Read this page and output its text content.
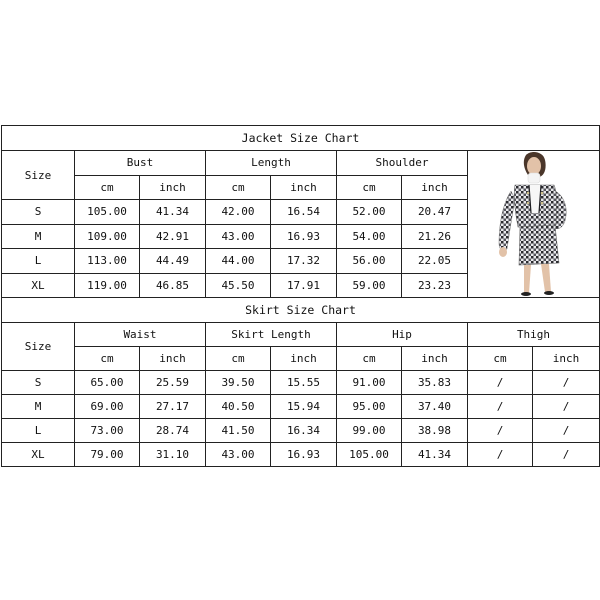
Jacket Size Chart								
Size	Bust		Length		Shoulder	

	cm	inch	cm	inch	cm	inch		
S	105.00	41.34	42.00	16.54	52.00	20.47		
M	109.00	42.91	43.00	16.93	54.00	21.26		
L	113.00	44.49	44.00	17.32	56.00	22.05		
XL	119.00	46.85	45.50	17.91	59.00	23.23		
Skirt Size Chart								
Size	Waist		Skirt Length		Hip		Thigh	
	cm	inch	cm	inch	cm	inch	cm	inch
S	65.00	25.59	39.50	15.55	91.00	35.83	/	/
M	69.00	27.17	40.50	15.94	95.00	37.40	/	/
L	73.00	28.74	41.50	16.34	99.00	38.98	/	/
XL	79.00	31.10	43.00	16.93	105.00	41.34	/	/
